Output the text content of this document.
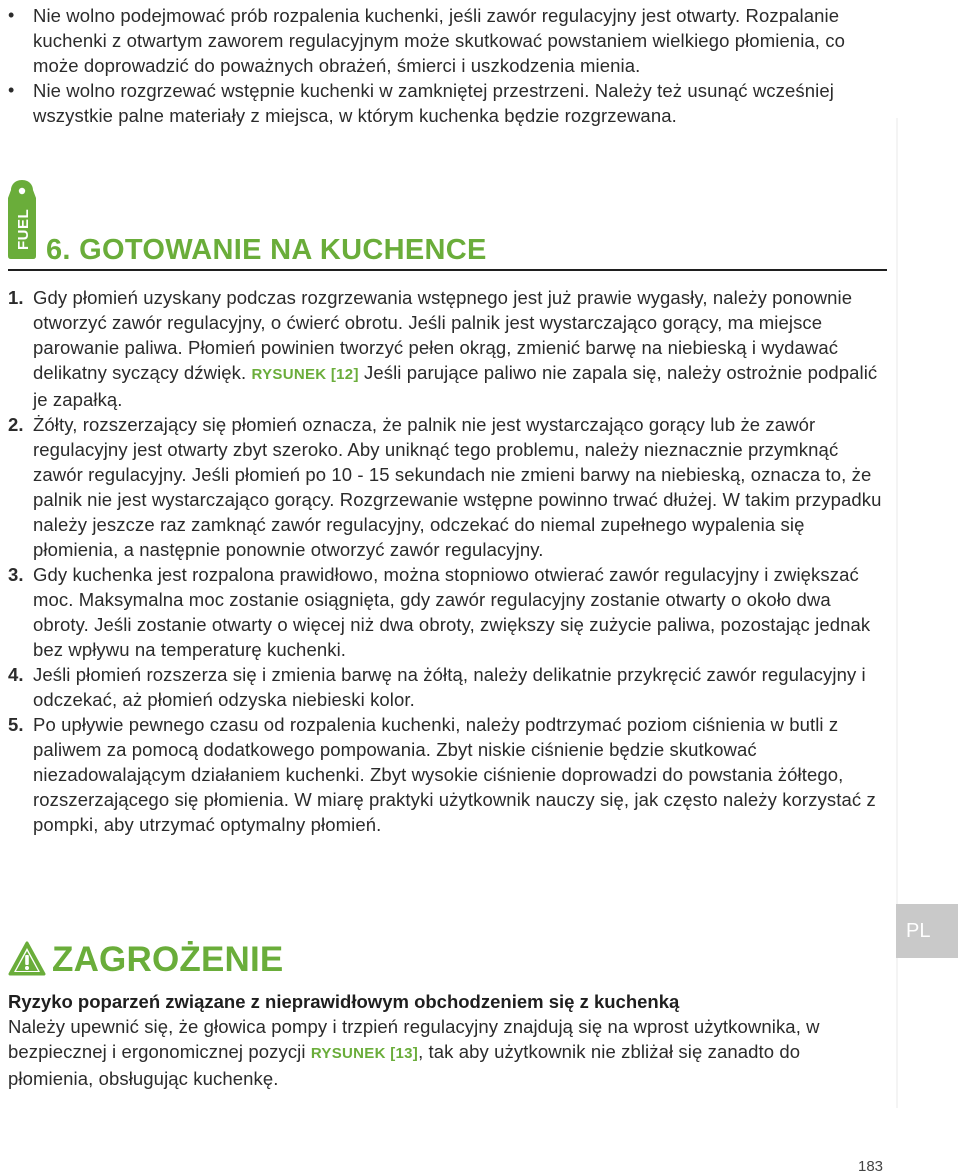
• Nie wolno podejmować prób rozpalenia kuchenki, jeśli zawór regulacyjny jest otwarty. Rozpalanie kuchenki z otwartym zaworem regulacyjnym może skutkować powstaniem wielkiego płomienia, co może doprowadzić do poważnych obrażeń, śmierci i uszkodzenia mienia.
• Nie wolno rozgrzewać wstępnie kuchenki w zamkniętej przestrzeni. Należy też usunąć wcześniej wszystkie palne materiały z miejsca, w którym kuchenka będzie rozgrzewana.
FUEL 6. GOTOWANIE NA KUCHENCE
1. Gdy płomień uzyskany podczas rozgrzewania wstępnego jest już prawie wygasły, należy ponownie otworzyć zawór regulacyjny, o ćwierć obrotu. Jeśli palnik jest wystarczająco gorący, ma miejsce parowanie paliwa. Płomień powinien tworzyć pełen okrąg, zmienić barwę na niebieską i wydawać delikatny syczący dźwięk. RYSUNEK [12] Jeśli parujące paliwo nie zapala się, należy ostrożnie podpalić je zapałką.
2. Żółty, rozszerzający się płomień oznacza, że palnik nie jest wystarczająco gorący lub że zawór regulacyjny jest otwarty zbyt szeroko. Aby uniknąć tego problemu, należy nieznacznie przymknąć zawór regulacyjny. Jeśli płomień po 10 - 15 sekundach nie zmieni barwy na niebieską, oznacza to, że palnik nie jest wystarczająco gorący. Rozgrzewanie wstępne powinno trwać dłużej. W takim przypadku należy jeszcze raz zamknąć zawór regulacyjny, odczekać do niemal zupełnego wypalenia się płomienia, a następnie ponownie otworzyć zawór regulacyjny.
3. Gdy kuchenka jest rozpalona prawidłowo, można stopniowo otwierać zawór regulacyjny i zwiększać moc. Maksymalna moc zostanie osiągnięta, gdy zawór regulacyjny zostanie otwarty o około dwa obroty. Jeśli zostanie otwarty o więcej niż dwa obroty, zwiększy się zużycie paliwa, pozostając jednak bez wpływu na temperaturę kuchenki.
4. Jeśli płomień rozszerza się i zmienia barwę na żółtą, należy delikatnie przykręcić zawór regulacyjny i odczekać, aż płomień odzyska niebieski kolor.
5. Po upływie pewnego czasu od rozpalenia kuchenki, należy podtrzymać poziom ciśnienia w butli z paliwem za pomocą dodatkowego pompowania. Zbyt niskie ciśnienie będzie skutkować niezadowalającym działaniem kuchenki. Zbyt wysokie ciśnienie doprowadzi do powstania żółtego, rozszerzającego się płomienia. W miarę praktyki użytkownik nauczy się, jak często należy korzystać z pompki, aby utrzymać optymalny płomień.
PL
ZAGROŻENIE
Ryzyko poparzeń związane z nieprawidłowym obchodzeniem się z kuchenką
Należy upewnić się, że głowica pompy i trzpień regulacyjny znajdują się na wprost użytkownika, w bezpiecznej i ergonomicznej pozycji RYSUNEK [13], tak aby użytkownik nie zbliżał się zanadto do płomienia, obsługując kuchenkę.
183
